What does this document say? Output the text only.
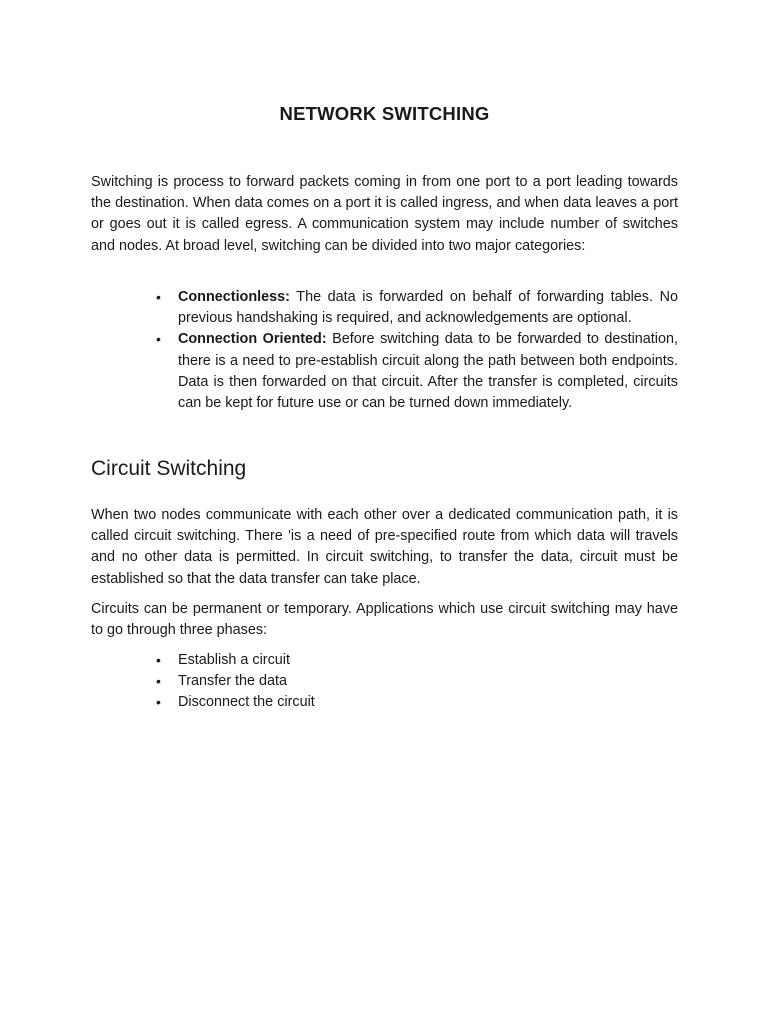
NETWORK SWITCHING

Switching is process to forward packets coming in from one port to a port leading towards the destination. When data comes on a port it is called ingress, and when data leaves a port or goes out it is called egress. A communication system may include number of switches and nodes. At broad level, switching can be divided into two major categories:

• Connectionless: The data is forwarded on behalf of forwarding tables. No previous handshaking is required, and acknowledgements are optional.
• Connection Oriented: Before switching data to be forwarded to destination, there is a need to pre-establish circuit along the path between both endpoints. Data is then forwarded on that circuit. After the transfer is completed, circuits can be kept for future use or can be turned down immediately.
Circuit Switching

When two nodes communicate with each other over a dedicated communication path, it is called circuit switching. There 'is a need of pre-specified route from which data will travels and no other data is permitted. In circuit switching, to transfer the data, circuit must be established so that the data transfer can take place.

Circuits can be permanent or temporary. Applications which use circuit switching may have to go through three phases:

• Establish a circuit
• Transfer the data
• Disconnect the circuit
